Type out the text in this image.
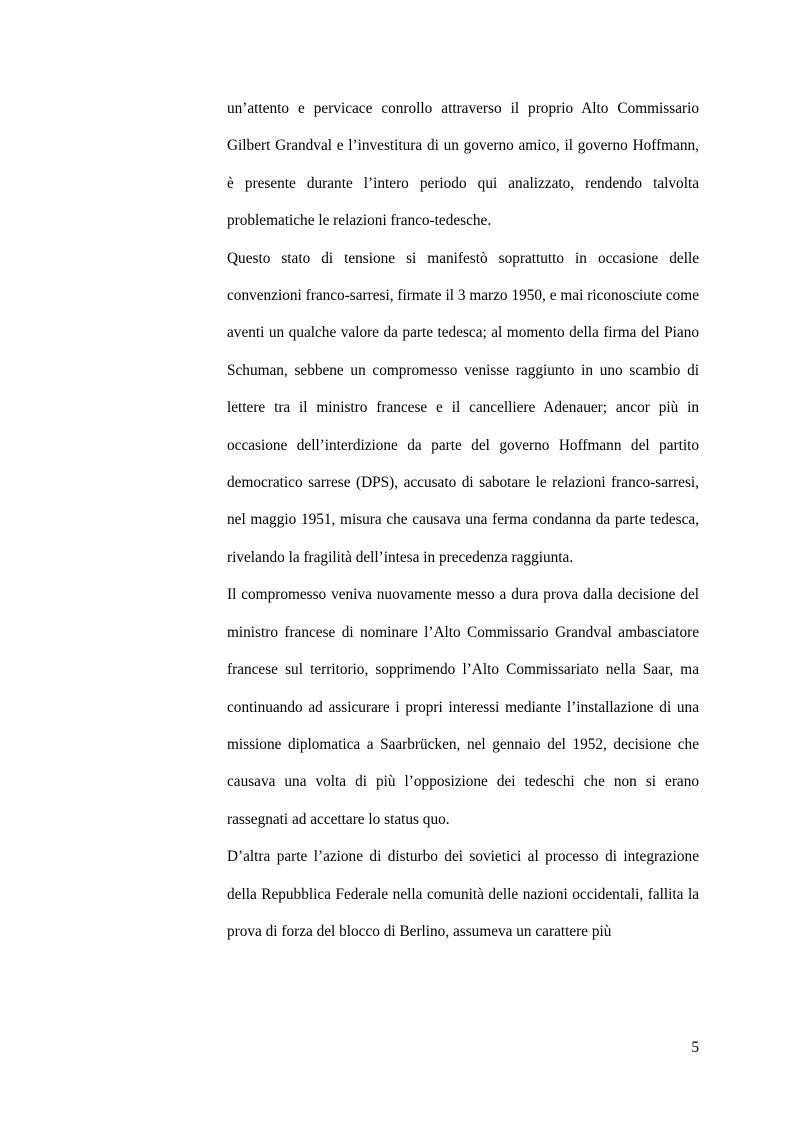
un’attento e pervicace conrollo attraverso il proprio Alto Commissario Gilbert Grandval e l’investitura di un governo amico, il governo Hoffmann, è presente durante l’intero periodo qui analizzato, rendendo talvolta problematiche le relazioni franco-tedesche.

Questo stato di tensione si manifestò soprattutto in occasione delle convenzioni franco-sarresi, firmate il 3 marzo 1950, e mai riconosciute come aventi un qualche valore da parte tedesca; al momento della firma del Piano Schuman, sebbene un compromesso venisse raggiunto in uno scambio di lettere tra il ministro francese e il cancelliere Adenauer; ancor più in occasione dell’interdizione da parte del governo Hoffmann del partito democratico sarrese (DPS), accusato di sabotare le relazioni franco-sarresi, nel maggio 1951, misura che causava una ferma condanna da parte tedesca, rivelando la fragilità dell’intesa in precedenza raggiunta.

Il compromesso veniva nuovamente messo a dura prova dalla decisione del ministro francese di nominare l’Alto Commissario Grandval ambasciatore francese sul territorio, sopprimendo l’Alto Commissariato nella Saar, ma continuando ad assicurare i propri interessi mediante l’installazione di una missione diplomatica a Saarbrücken, nel gennaio del 1952, decisione che causava una volta di più l’opposizione dei tedeschi che non si erano rassegnati ad accettare lo status quo.

D’altra parte l’azione di disturbo dei sovietici al processo di integrazione della Repubblica Federale nella comunità delle nazioni occidentali, fallita la prova di forza del blocco di Berlino, assumeva un carattere più

5
